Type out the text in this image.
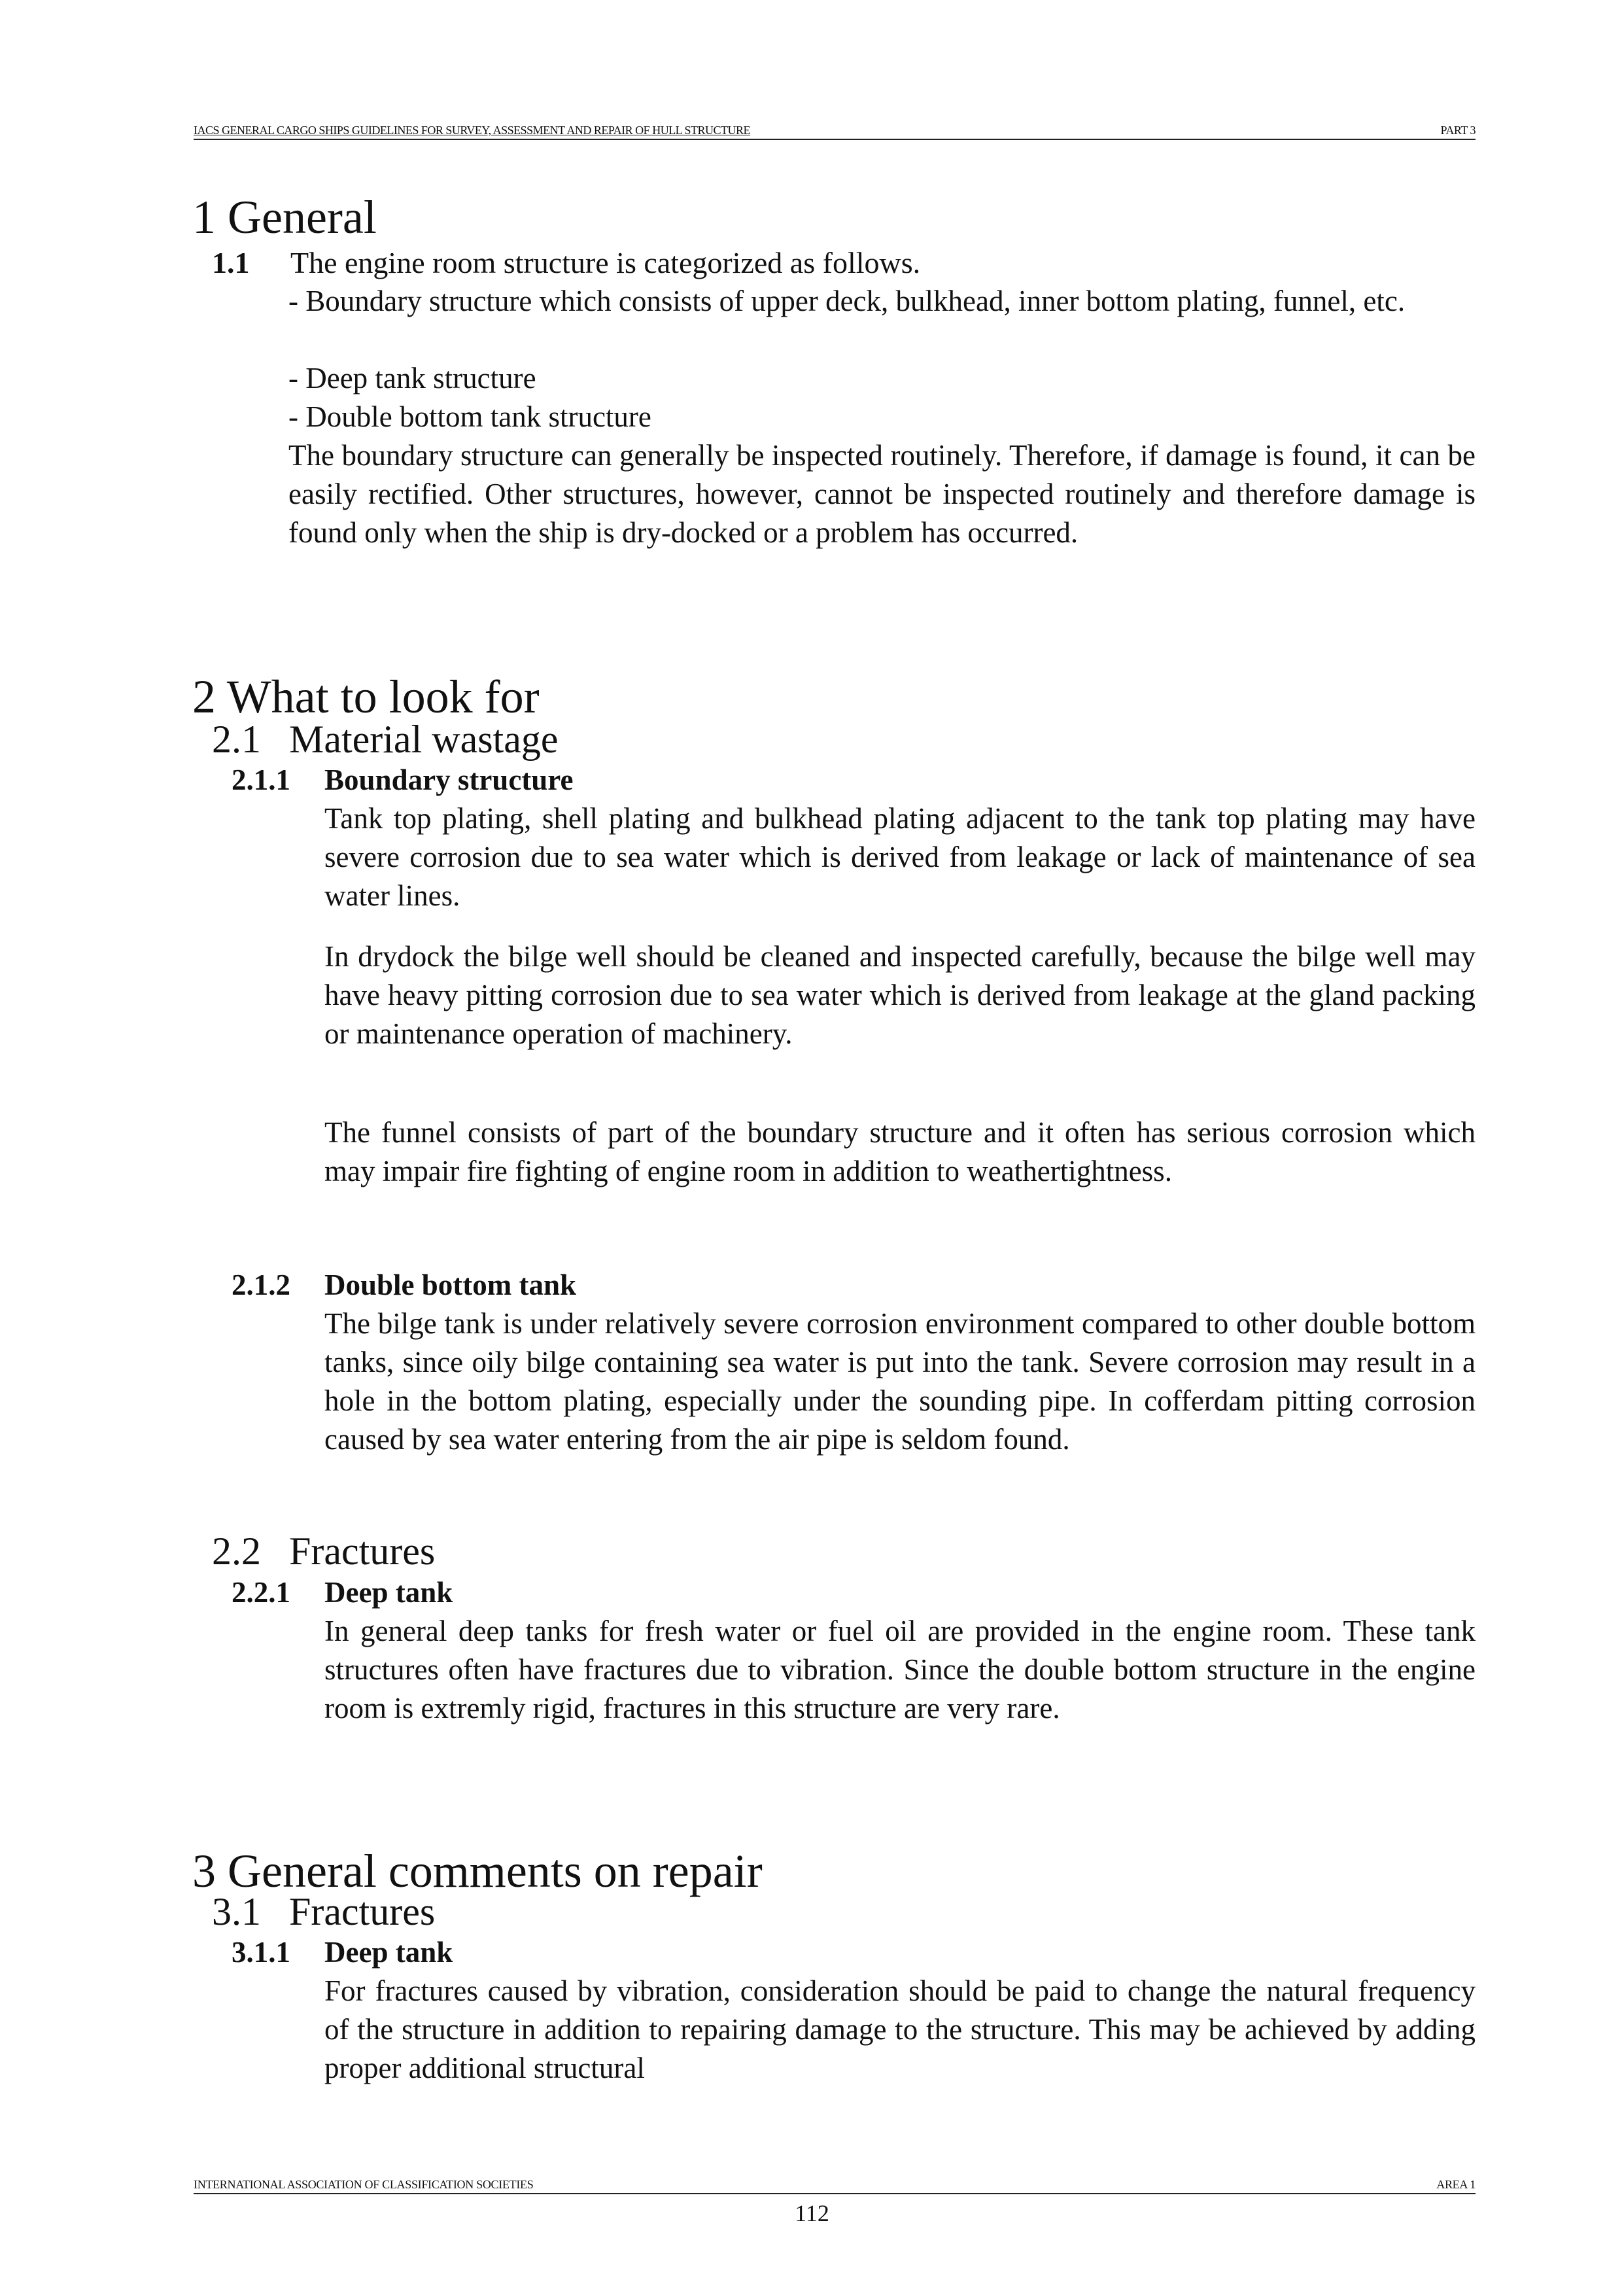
IACS GENERAL CARGO SHIPS GUIDELINES FOR SURVEY, ASSESSMENT AND REPAIR OF HULL STRUCTURE	PART 3
1 General
1.1 The engine room structure is categorized as follows.

- Boundary structure which consists of upper deck, bulkhead, inner bottom plating, funnel, etc.

- Deep tank structure

- Double bottom tank structure

The boundary structure can generally be inspected routinely. Therefore, if damage is found, it can be easily rectified. Other structures, however, cannot be inspected routinely and therefore damage is found only when the ship is dry-docked or a problem has occurred.

2 What to look for
2.1 Material wastage
2.1.1 Boundary structure

Tank top plating, shell plating and bulkhead plating adjacent to the tank top plating may have severe corrosion due to sea water which is derived from leakage or lack of maintenance of sea water lines.

In drydock the bilge well should be cleaned and inspected carefully, because the bilge well may have heavy pitting corrosion due to sea water which is derived from leakage at the gland packing or maintenance operation of machinery.

The funnel consists of part of the boundary structure and it often has serious corrosion which may impair fire fighting of engine room in addition to weathertightness.

2.1.2 Double bottom tank

The bilge tank is under relatively severe corrosion environment compared to other double bottom tanks, since oily bilge containing sea water is put into the tank. Severe corrosion may result in a hole in the bottom plating, especially under the sounding pipe. In cofferdam pitting corrosion caused by sea water entering from the air pipe is seldom found.

2.2 Fractures
2.2.1 Deep tank

In general deep tanks for fresh water or fuel oil are provided in the engine room. These tank structures often have fractures due to vibration. Since the double bottom structure in the engine room is extremly rigid, fractures in this structure are very rare.

3 General comments on repair
3.1 Fractures
3.1.1 Deep tank

For fractures caused by vibration, consideration should be paid to change the natural frequency of the structure in addition to repairing damage to the structure. This may be achieved by adding proper additional structural

INTERNATIONAL ASSOCIATION OF CLASSIFICATION SOCIETIES	AREA 1
112
